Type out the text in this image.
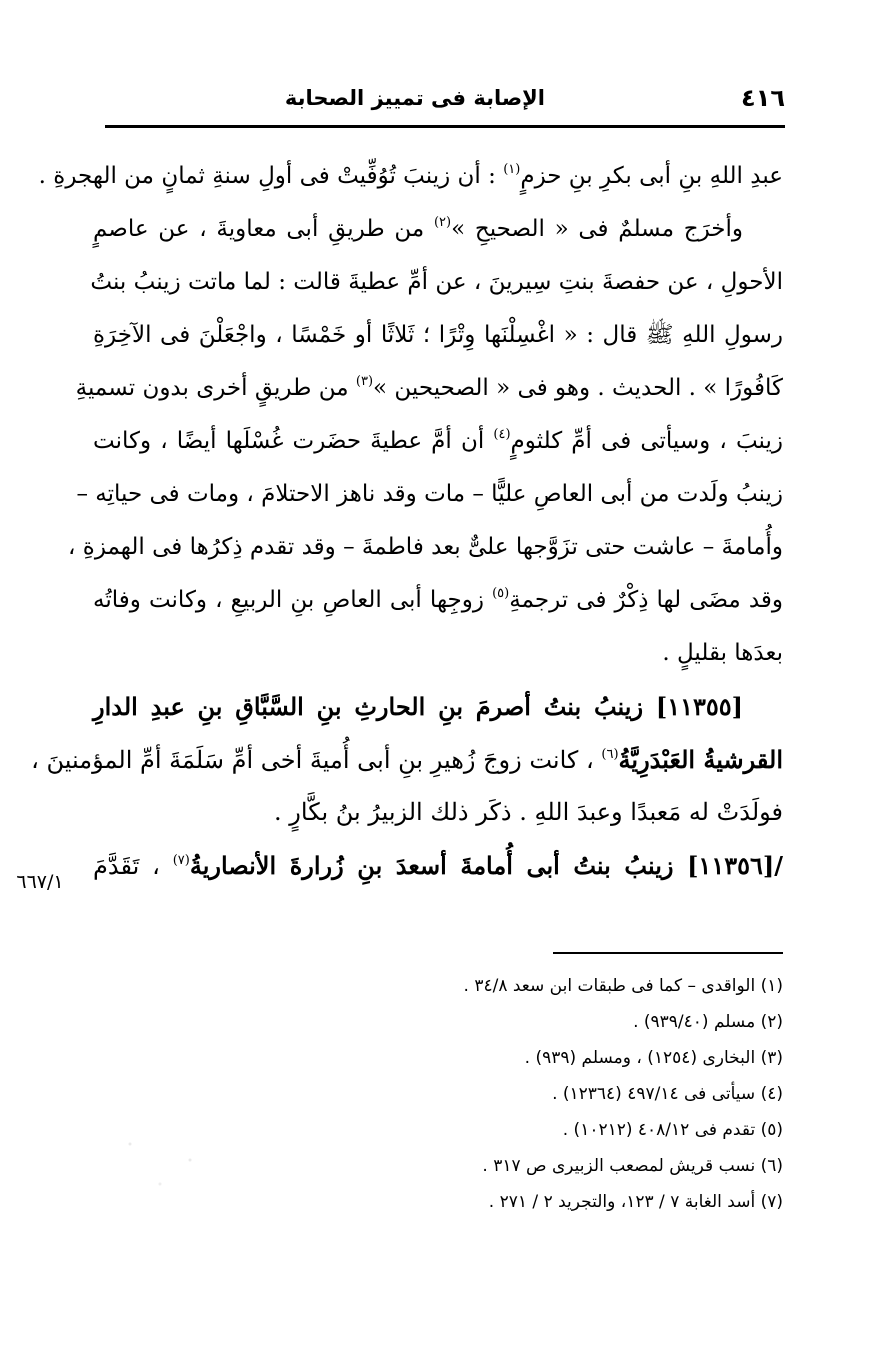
٤١٦
الإصابة فى تمييز الصحابة
عبدِ اللهِ بنِ أبى بكرِ بنِ حزمٍ$^{(١)}$ : أن زينبَ تُوُفِّيتْ فى أولِ سنةِ ثمانٍ من الهجرةِ .
وأخرَج مسلمٌ فى « الصحيحِ »$^{(٢)}$ من طريقِ أبى معاويةَ ، عن عاصمٍ
الأحولِ ، عن حفصةَ بنتِ سِيرينَ ، عن أمِّ عطيةَ قالت : لما ماتت زينبُ بنتُ
رسولِ اللهِ ﷺ قال : « اغْسِلْنَها وِتْرًا ؛ ثَلاثًا أو خَمْسًا ، واجْعَلْنَ فى الآخِرَةِ
كَافُورًا » . الحديث . وهو فى « الصحيحين »$^{(٣)}$ من طريقٍ أخرى بدون تسميةِ
زينبَ ، وسيأتى فى أمِّ كلثومٍ$^{(٤)}$ أن أمَّ عطيةَ حضَرت غُسْلَها أيضًا ، وكانت
زينبُ ولَدت من أبى العاصِ عليًّا – مات وقد ناهز الاحتلامَ ، ومات فى حياتِه –
وأُمامةَ – عاشت حتى تزَوَّجها علىٌّ بعد فاطمةَ – وقد تقدم ذِكرُها فى الهمزةِ ،
وقد مضَى لها ذِكْرٌ فى ترجمةِ$^{(٥)}$ زوجِها أبى العاصِ بنِ الربيعِ ، وكانت وفاتُه
بعدَها بقليلٍ .
[١١٣٥٥] زينبُ بنتُ أصرمَ بنِ الحارثِ بنِ السَّبَّاقِ بنِ عبدِ الدارِ
القرشيةُ العَبْدَرِيَّةُ$^{(٦)}$ ، كانت زوجَ زُهيرِ بنِ أبى أُميةَ أخى أمِّ سَلَمَةَ أمِّ المؤمنينَ ،
فولَدَتْ له مَعبدًا وعبدَ اللهِ . ذكَر ذلك الزبيرُ بنُ بكَّارٍ .
/[١١٣٥٦] زينبُ بنتُ أبى أُمامةَ أسعدَ بنِ زُرارةَ الأنصاريةُ$^{(٧)}$ ، تَقَدَّمَ
٦٦٧/١
(١) الواقدى – كما فى طبقات ابن سعد ٣٤/٨ .
(٢) مسلم (٩٣٩/٤٠) .
(٣) البخارى (١٢٥٤) ، ومسلم (٩٣٩) .
(٤) سيأتى فى ٤٩٧/١٤ (١٢٣٦٤) .
(٥) تقدم فى ٤٠٨/١٢ (١٠٢١٢) .
(٦) نسب قريش لمصعب الزبيرى ص ٣١٧ .
(٧) أسد الغابة ٧ / ١٢٣، والتجريد ٢ / ٢٧١ .
